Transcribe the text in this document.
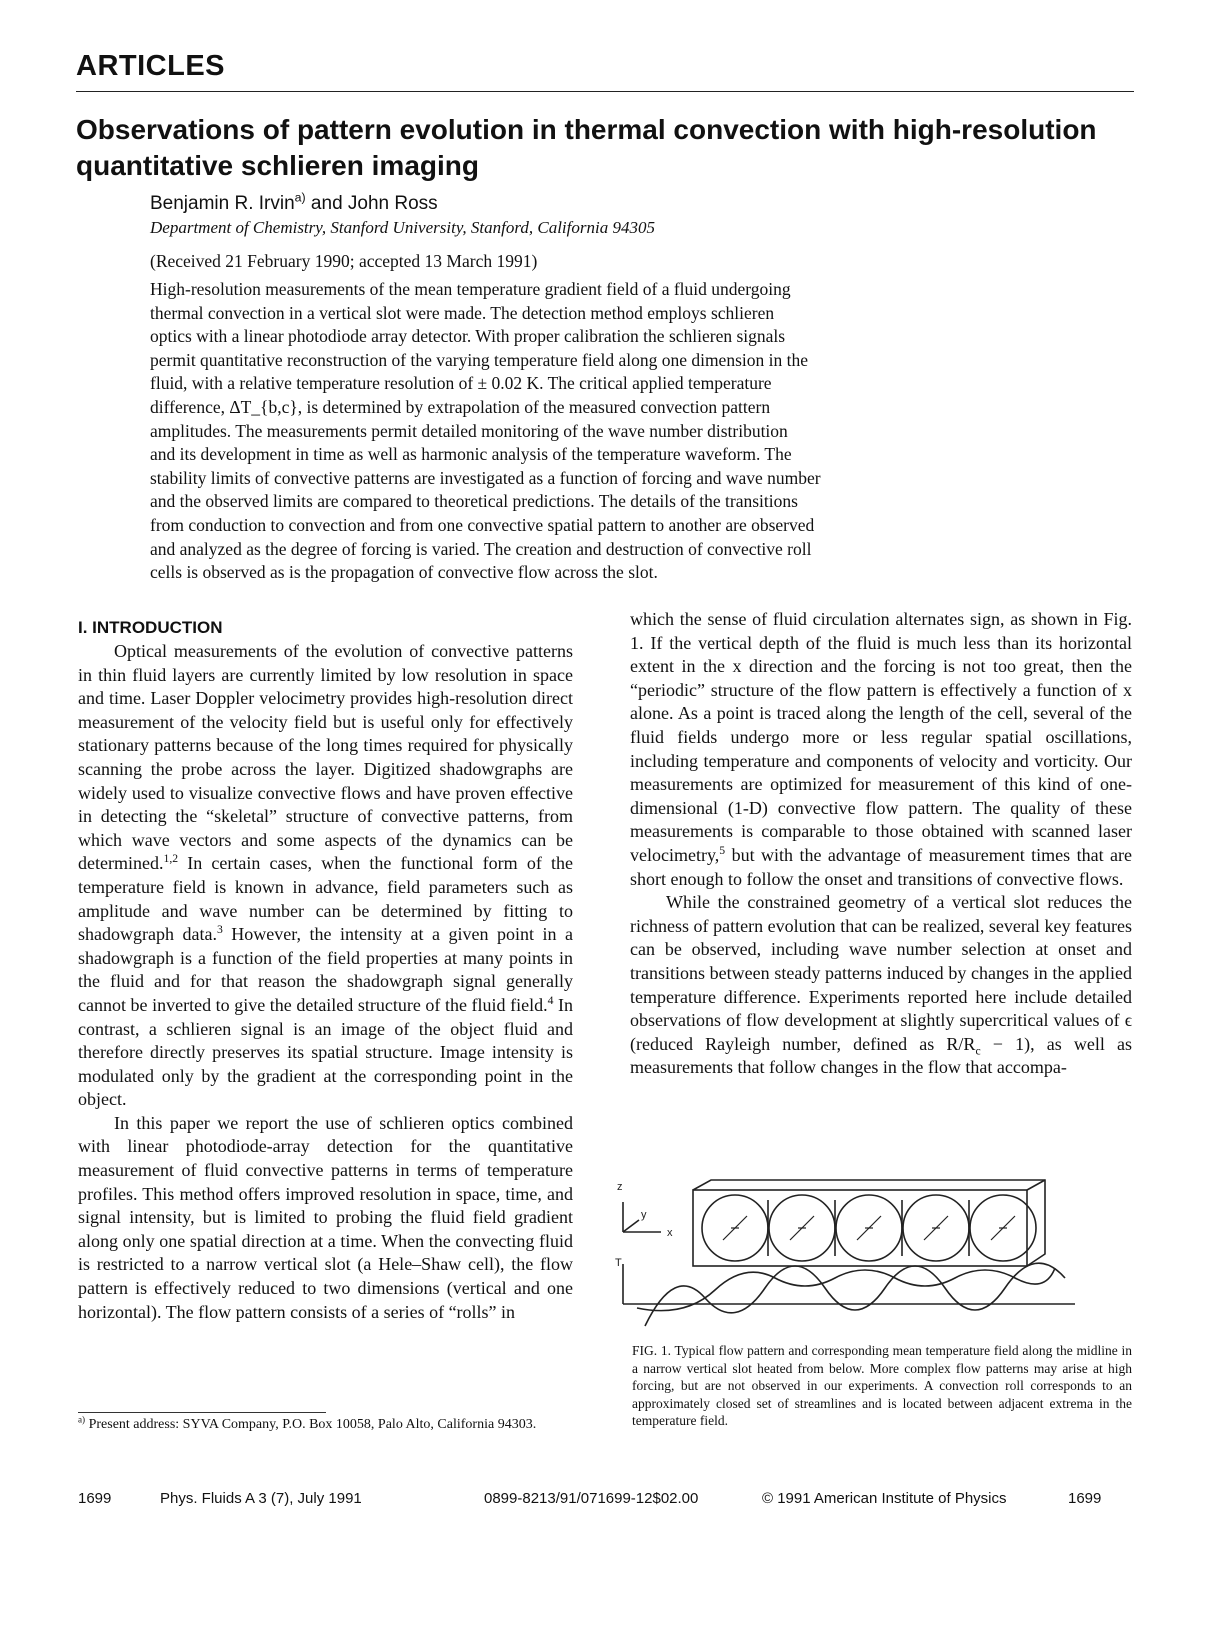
ARTICLES
Observations of pattern evolution in thermal convection with high-resolution quantitative schlieren imaging
Benjamin R. Irvin$^{a)}$ and John Ross
Department of Chemistry, Stanford University, Stanford, California 94305
(Received 21 February 1990; accepted 13 March 1991)
High-resolution measurements of the mean temperature gradient field of a fluid undergoing
thermal convection in a vertical slot were made. The detection method employs schlieren
optics with a linear photodiode array detector. With proper calibration the schlieren signals
permit quantitative reconstruction of the varying temperature field along one dimension in the
fluid, with a relative temperature resolution of ± 0.02 K. The critical applied temperature
difference, ΔT_{b,c}, is determined by extrapolation of the measured convection pattern
amplitudes. The measurements permit detailed monitoring of the wave number distribution
and its development in time as well as harmonic analysis of the temperature waveform. The
stability limits of convective patterns are investigated as a function of forcing and wave number
and the observed limits are compared to theoretical predictions. The details of the transitions
from conduction to convection and from one convective spatial pattern to another are observed
and analyzed as the degree of forcing is varied. The creation and destruction of convective roll
cells is observed as is the propagation of convective flow across the slot.
I. INTRODUCTION

Optical measurements of the evolution of convective patterns in thin fluid layers are currently limited by low resolution in space and time. Laser Doppler velocimetry provides high-resolution direct measurement of the velocity field but is useful only for effectively stationary patterns because of the long times required for physically scanning the probe across the layer. Digitized shadowgraphs are widely used to visualize convective flows and have proven effective in detecting the “skeletal” structure of convective patterns, from which wave vectors and some aspects of the dynamics can be determined.$^{1,2}$ In certain cases, when the functional form of the temperature field is known in advance, field parameters such as amplitude and wave number can be determined by fitting to shadowgraph data.$^3$ However, the intensity at a given point in a shadowgraph is a function of the field properties at many points in the fluid and for that reason the shadowgraph signal generally cannot be inverted to give the detailed structure of the fluid field.$^4$ In contrast, a schlieren signal is an image of the object fluid and therefore directly preserves its spatial structure. Image intensity is modulated only by the gradient at the corresponding point in the object.

In this paper we report the use of schlieren optics combined with linear photodiode-array detection for the quantitative measurement of fluid convective patterns in terms of temperature profiles. This method offers improved resolution in space, time, and signal intensity, but is limited to probing the fluid field gradient along only one spatial direction at a time. When the convecting fluid is restricted to a narrow vertical slot (a Hele–Shaw cell), the flow pattern is effectively reduced to two dimensions (vertical and one horizontal). The flow pattern consists of a series of “rolls” in

$^{a)}$ Present address: SYVA Company, P.O. Box 10058, Palo Alto, California 94303.

which the sense of fluid circulation alternates sign, as shown in Fig. 1. If the vertical depth of the fluid is much less than its horizontal extent in the x direction and the forcing is not too great, then the “periodic” structure of the flow pattern is effectively a function of x alone. As a point is traced along the length of the cell, several of the fluid fields undergo more or less regular spatial oscillations, including temperature and components of velocity and vorticity. Our measurements are optimized for measurement of this kind of one-dimensional (1-D) convective flow pattern. The quality of these measurements is comparable to those obtained with scanned laser velocimetry,$^5$ but with the advantage of measurement times that are short enough to follow the onset and transitions of convective flows.

While the constrained geometry of a vertical slot reduces the richness of pattern evolution that can be realized, several key features can be observed, including wave number selection at onset and transitions between steady patterns induced by changes in the applied temperature difference. Experiments reported here include detailed observations of flow development at slightly supercritical values of ϵ (reduced Rayleigh number, defined as $R/R_c - 1$), as well as measurements that follow changes in the flow that accompa-

z
y
x
T
FIG. 1. Typical flow pattern and corresponding mean temperature field along the midline in a narrow vertical slot heated from below. More complex flow patterns may arise at high forcing, but are not observed in our experiments. A convection roll corresponds to an approximately closed set of streamlines and is located between adjacent extrema in the temperature field.
1699	Phys. Fluids A 3 (7), July 1991	0899-8213/91/071699-12$02.00	© 1991 American Institute of Physics	1699
